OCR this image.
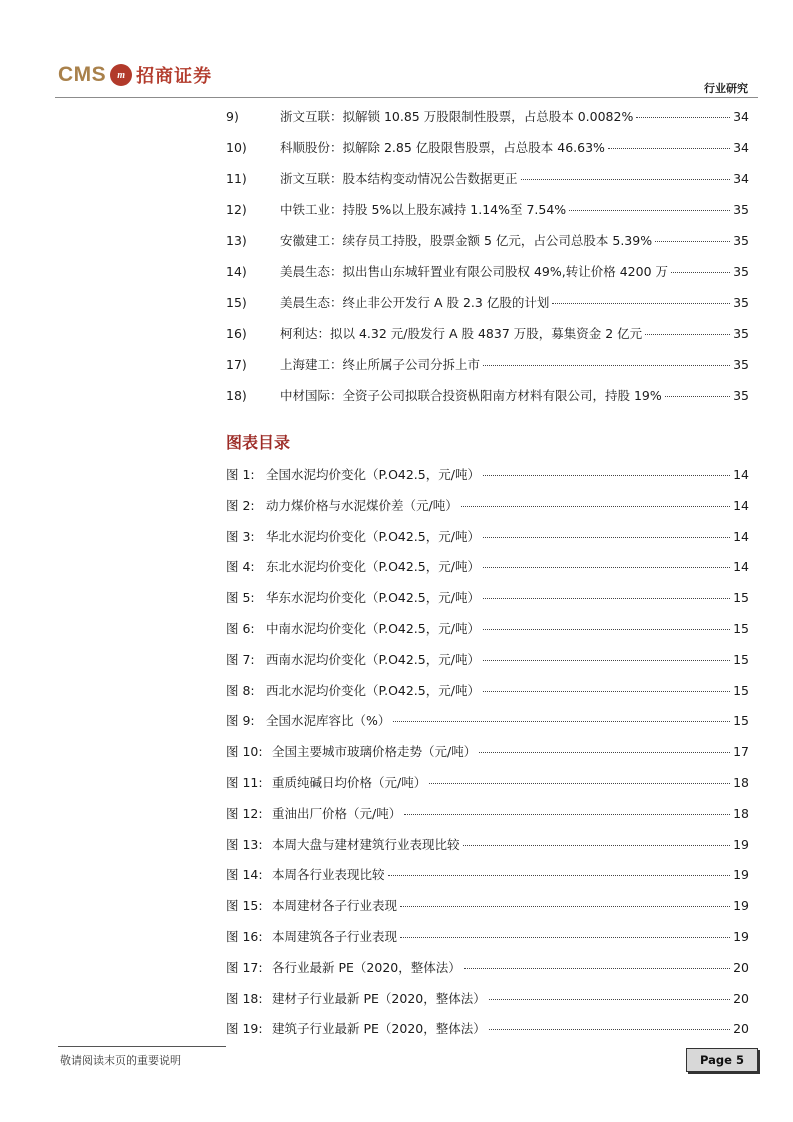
CMS	m 招商证券
行业研究
9)	浙文互联：拟解锁 10.85 万股限制性股票，占总股本 0.0082%	34
10)	科顺股份：拟解除 2.85 亿股限售股票，占总股本 46.63%	34
11)	浙文互联：股本结构变动情况公告数据更正	34
12)	中铁工业：持股 5%以上股东减持 1.14%至 7.54%	35
13)	安徽建工：续存员工持股，股票金额 5 亿元，占公司总股本 5.39%	35
14)	美晨生态：拟出售山东城轩置业有限公司股权 49%,转让价格 4200 万	35
15)	美晨生态：终止非公开发行 A 股 2.3 亿股的计划	35
16)	柯利达：拟以 4.32 元/股发行 A 股 4837 万股，募集资金 2 亿元	35
17)	上海建工：终止所属子公司分拆上市	35
18)	中材国际：全资子公司拟联合投资枞阳南方材料有限公司，持股 19%	35
图表目录
图 1: 全国水泥均价变化（P.O42.5，元/吨）	14
图 2: 动力煤价格与水泥煤价差（元/吨）	14
图 3: 华北水泥均价变化（P.O42.5，元/吨）	14
图 4: 东北水泥均价变化（P.O42.5，元/吨）	14
图 5: 华东水泥均价变化（P.O42.5，元/吨）	15
图 6: 中南水泥均价变化（P.O42.5，元/吨）	15
图 7: 西南水泥均价变化（P.O42.5，元/吨）	15
图 8: 西北水泥均价变化（P.O42.5，元/吨）	15
图 9: 全国水泥库容比（%）	15
图 10: 全国主要城市玻璃价格走势（元/吨）	17
图 11: 重质纯碱日均价格（元/吨）	18
图 12: 重油出厂价格（元/吨）	18
图 13: 本周大盘与建材建筑行业表现比较	19
图 14: 本周各行业表现比较	19
图 15: 本周建材各子行业表现	19
图 16: 本周建筑各子行业表现	19
图 17: 各行业最新 PE（2020，整体法）	20
图 18: 建材子行业最新 PE（2020，整体法）	20
图 19: 建筑子行业最新 PE（2020，整体法）	20
敬请阅读末页的重要说明	Page 5
